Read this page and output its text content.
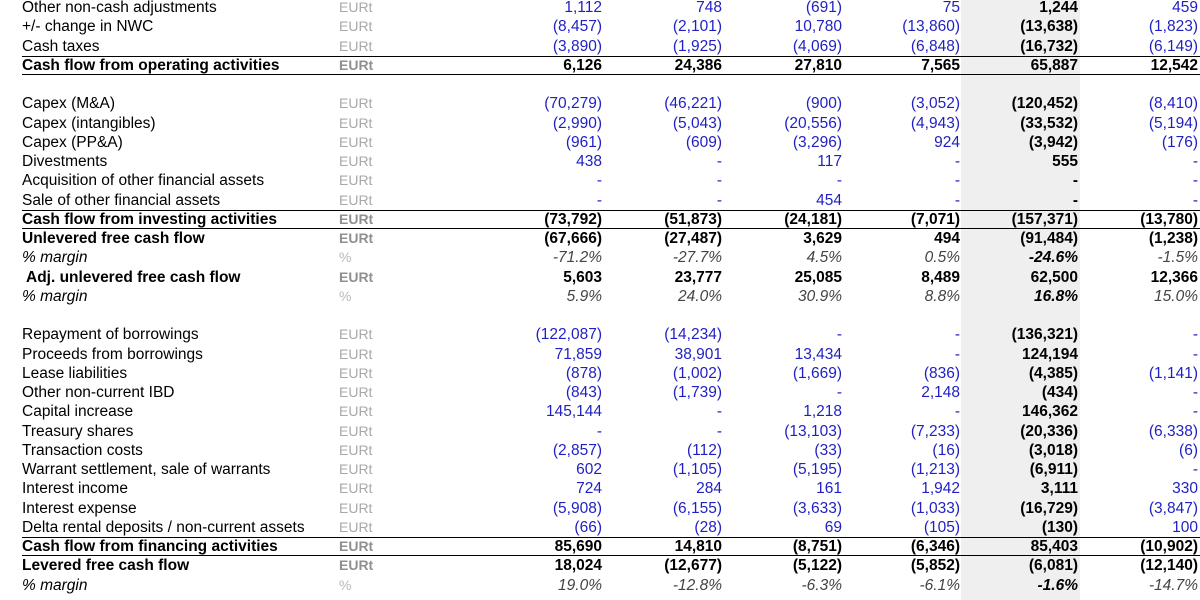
Other non-cash adjustments	EURt	1,112	748	(691)	75	1,244	459
+/- change in NWC	EURt	(8,457)	(2,101)	10,780	(13,860)	(13,638)	(1,823)
Cash taxes	EURt	(3,890)	(1,925)	(4,069)	(6,848)	(16,732)	(6,149)
Cash flow from operating activities	EURt	6,126	24,386	27,810	7,565	65,887	12,542
Capex (M&A)	EURt	(70,279)	(46,221)	(900)	(3,052)	(120,452)	(8,410)
Capex (intangibles)	EURt	(2,990)	(5,043)	(20,556)	(4,943)	(33,532)	(5,194)
Capex (PP&A)	EURt	(961)	(609)	(3,296)	924	(3,942)	(176)
Divestments	EURt	438	-	117	-	555	-
Acquisition of other financial assets	EURt	-	-	-	-	-	-
Sale of other financial assets	EURt	-	-	454	-	-	-
Cash flow from investing activities	EURt	(73,792)	(51,873)	(24,181)	(7,071)	(157,371)	(13,780)
Unlevered free cash flow	EURt	(67,666)	(27,487)	3,629	494	(91,484)	(1,238)
% margin	%	-71.2%	-27.7%	4.5%	0.5%	-24.6%	-1.5%
Adj. unlevered free cash flow	EURt	5,603	23,777	25,085	8,489	62,500	12,366
% margin	%	5.9%	24.0%	30.9%	8.8%	16.8%	15.0%
Repayment of borrowings	EURt	(122,087)	(14,234)	-	-	(136,321)	-
Proceeds from borrowings	EURt	71,859	38,901	13,434	-	124,194	-
Lease liabilities	EURt	(878)	(1,002)	(1,669)	(836)	(4,385)	(1,141)
Other non-current IBD	EURt	(843)	(1,739)	-	2,148	(434)	-
Capital increase	EURt	145,144	-	1,218	-	146,362	-
Treasury shares	EURt	-	-	(13,103)	(7,233)	(20,336)	(6,338)
Transaction costs	EURt	(2,857)	(112)	(33)	(16)	(3,018)	(6)
Warrant settlement, sale of warrants	EURt	602	(1,105)	(5,195)	(1,213)	(6,911)	-
Interest income	EURt	724	284	161	1,942	3,111	330
Interest expense	EURt	(5,908)	(6,155)	(3,633)	(1,033)	(16,729)	(3,847)
Delta rental deposits / non-current assets	EURt	(66)	(28)	69	(105)	(130)	100
Cash flow from financing activities	EURt	85,690	14,810	(8,751)	(6,346)	85,403	(10,902)
Levered free cash flow	EURt	18,024	(12,677)	(5,122)	(5,852)	(6,081)	(12,140)
% margin	%	19.0%	-12.8%	-6.3%	-6.1%	-1.6%	-14.7%
